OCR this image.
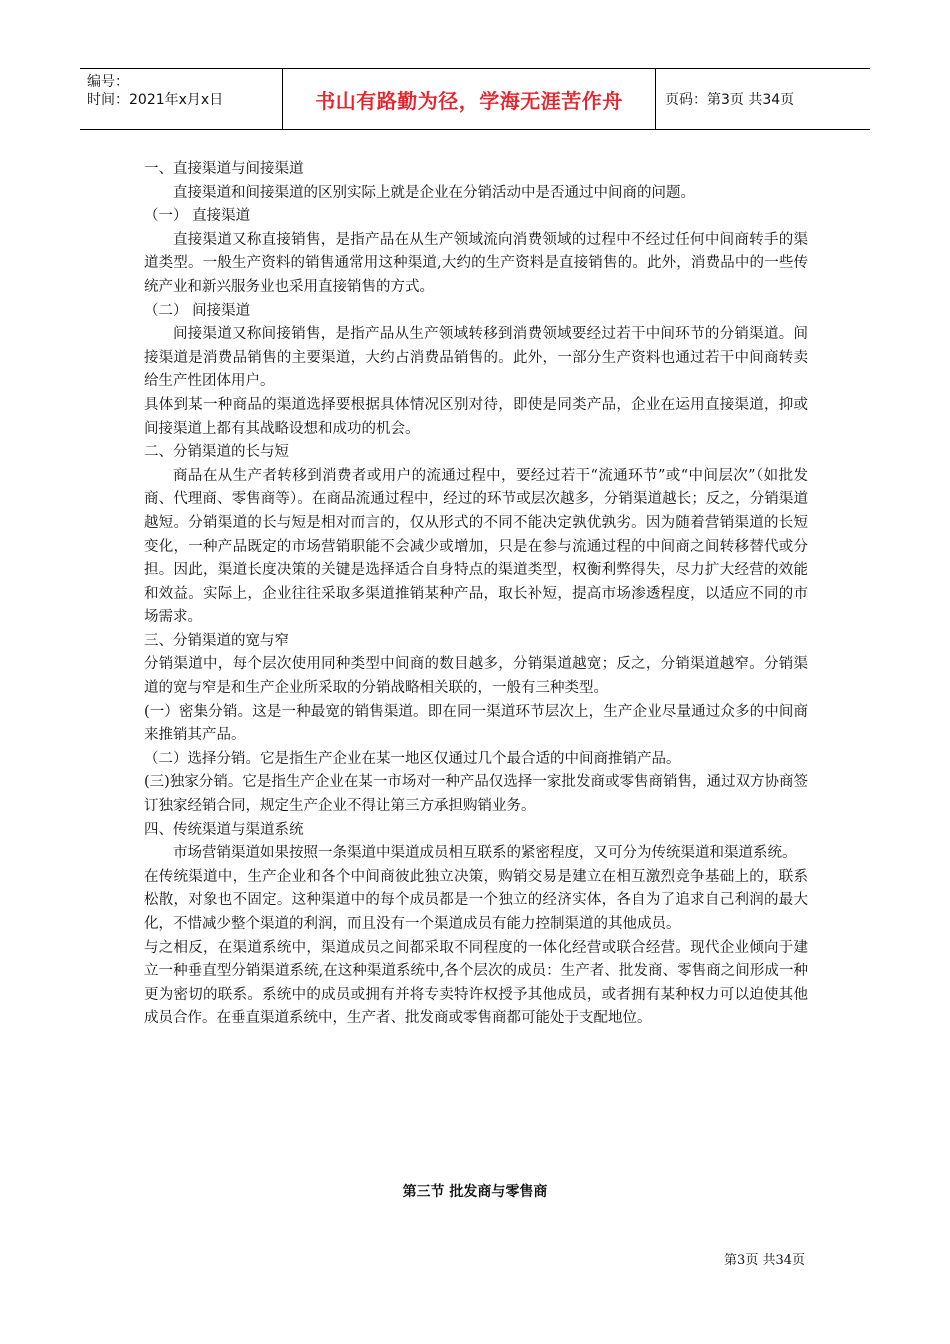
编号：
时间：2021年x月x日	书山有路勤为径，学海无涯苦作舟	页码：第3页 共34页

一、直接渠道与间接渠道

直接渠道和间接渠道的区别实际上就是企业在分销活动中是否通过中间商的问题。

（一） 直接渠道

直接渠道又称直接销售，是指产品在从生产领域流向消费领域的过程中不经过任何中间商转手的渠道类型。一般生产资料的销售通常用这种渠道,大约的生产资料是直接销售的。此外，消费品中的一些传统产业和新兴服务业也采用直接销售的方式。

（二） 间接渠道

间接渠道又称间接销售，是指产品从生产领域转移到消费领域要经过若干中间环节的分销渠道。间接渠道是消费品销售的主要渠道，大约占消费品销售的。此外，一部分生产资料也通过若干中间商转卖给生产性团体用户。

具体到某一种商品的渠道选择要根据具体情况区别对待，即使是同类产品，企业在运用直接渠道，抑或间接渠道上都有其战略设想和成功的机会。

二、分销渠道的长与短

商品在从生产者转移到消费者或用户的流通过程中，要经过若干“流通环节”或“中间层次”（如批发商、代理商、零售商等）。在商品流通过程中，经过的环节或层次越多，分销渠道越长；反之，分销渠道越短。分销渠道的长与短是相对而言的，仅从形式的不同不能决定孰优孰劣。因为随着营销渠道的长短变化，一种产品既定的市场营销职能不会减少或增加，只是在参与流通过程的中间商之间转移替代或分担。因此，渠道长度决策的关键是选择适合自身特点的渠道类型，权衡利弊得失，尽力扩大经营的效能和效益。实际上，企业往往采取多渠道推销某种产品，取长补短，提高市场渗透程度，以适应不同的市场需求。

三、分销渠道的宽与窄

分销渠道中，每个层次使用同种类型中间商的数目越多，分销渠道越宽；反之，分销渠道越窄。分销渠道的宽与窄是和生产企业所采取的分销战略相关联的，一般有三种类型。

(一）密集分销。这是一种最宽的销售渠道。即在同一渠道环节层次上，生产企业尽量通过众多的中间商来推销其产品。

（二）选择分销。它是指生产企业在某一地区仅通过几个最合适的中间商推销产品。

(三)独家分销。它是指生产企业在某一市场对一种产品仅选择一家批发商或零售商销售，通过双方协商签订独家经销合同，规定生产企业不得让第三方承担购销业务。

四、传统渠道与渠道系统

市场营销渠道如果按照一条渠道中渠道成员相互联系的紧密程度，又可分为传统渠道和渠道系统。

在传统渠道中，生产企业和各个中间商彼此独立决策，购销交易是建立在相互激烈竞争基础上的，联系松散，对象也不固定。这种渠道中的每个成员都是一个独立的经济实体，各自为了追求自己利润的最大化，不惜减少整个渠道的利润，而且没有一个渠道成员有能力控制渠道的其他成员。

与之相反，在渠道系统中，渠道成员之间都采取不同程度的一体化经营或联合经营。现代企业倾向于建立一种垂直型分销渠道系统,在这种渠道系统中,各个层次的成员：生产者、批发商、零售商之间形成一种更为密切的联系。系统中的成员或拥有并将专卖特许权授予其他成员，或者拥有某种权力可以迫使其他成员合作。在垂直渠道系统中，生产者、批发商或零售商都可能处于支配地位。

第三节 批发商与零售商
第3页 共34页
